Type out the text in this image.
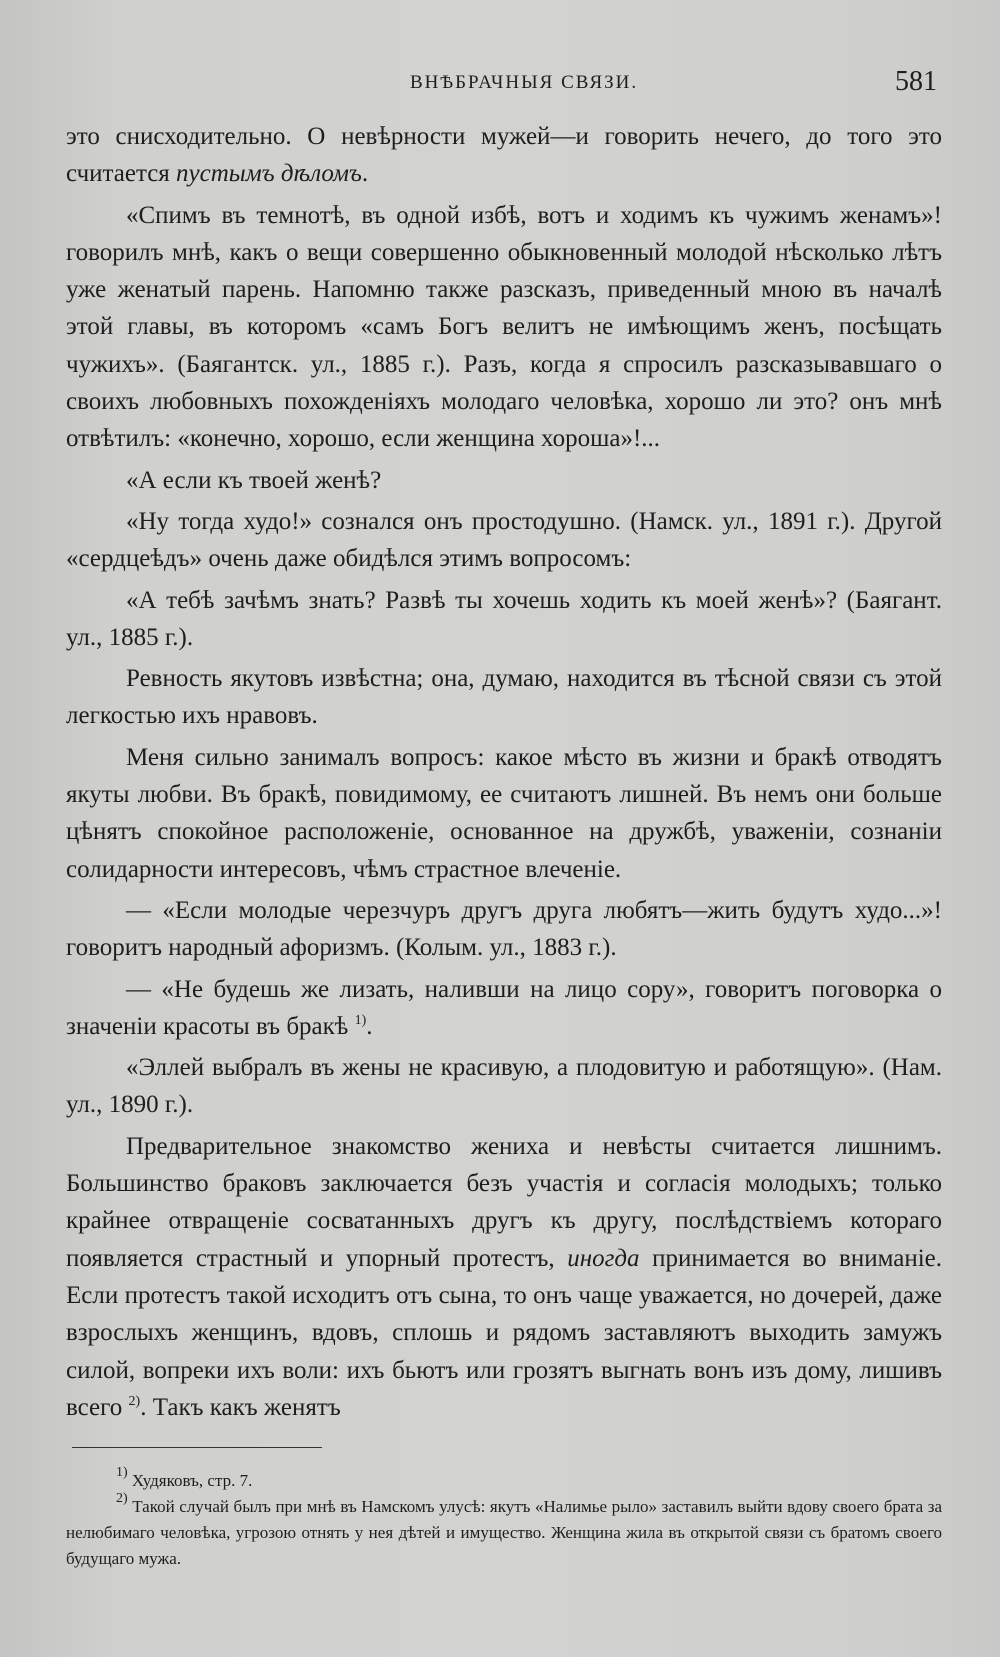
ВНѢБРАЧНЫЯ СВЯЗИ.	581

это снисходительно. О невѣрности мужей—и говорить нечего, до того это считается пустымъ дѣломъ.

«Спимъ въ темнотѣ, въ одной избѣ, вотъ и ходимъ къ чужимъ женамъ»! говорилъ мнѣ, какъ о вещи совершенно обыкновенный молодой нѣсколько лѣтъ уже женатый парень. Напомню также разсказъ, приведенный мною въ началѣ этой главы, въ которомъ «самъ Богъ велитъ не имѣющимъ женъ, посѣщать чужихъ». (Баягантск. ул., 1885 г.). Разъ, когда я спросилъ разсказывавшаго о своихъ любовныхъ похожденiяхъ молодаго человѣка, хорошо ли это? онъ мнѣ отвѣтилъ: «конечно, хорошо, если женщина хороша»!...

«А если къ твоей женѣ?

«Ну тогда худо!» сознался онъ простодушно. (Намск. ул., 1891 г.). Другой «сердцеѣдъ» очень даже обидѣлся этимъ вопросомъ:

«А тебѣ зачѣмъ знать? Развѣ ты хочешь ходить къ моей женѣ»? (Баягант. ул., 1885 г.).

Ревность якутовъ извѣстна; она, думаю, находится въ тѣсной связи съ этой легкостью ихъ нравовъ.

Меня сильно занималъ вопросъ: какое мѣсто въ жизни и бракѣ отводятъ якуты любви. Въ бракѣ, повидимому, ее считаютъ лишней. Въ немъ они больше цѣнятъ спокойное расположенiе, основанное на дружбѣ, уваженiи, сознанiи солидарности интересовъ, чѣмъ страстное влеченiе.

— «Если молодые черезчуръ другъ друга любятъ—жить будутъ худо...»! говоритъ народный афоризмъ. (Колым. ул., 1883 г.).

— «Не будешь же лизать, наливши на лицо сору», говоритъ поговорка о значенiи красоты въ бракѣ $^{1)}$.

«Эллей выбралъ въ жены не красивую, а плодовитую и работящую». (Нам. ул., 1890 г.).

Предварительное знакомство жениха и невѣсты считается лишнимъ. Большинство браковъ заключается безъ участiя и согласiя молодыхъ; только крайнее отвращенiе сосватанныхъ другъ къ другу, послѣдствiемъ котораго появляется страстный и упорный протестъ, иногда принимается во вниманiе. Если протестъ такой исходитъ отъ сына, то онъ чаще уважается, но дочерей, даже взрослыхъ женщинъ, вдовъ, сплошь и рядомъ заставляютъ выходить замужъ силой, вопреки ихъ воли: ихъ бьютъ или грозятъ выгнать вонъ изъ дому, лишивъ всего $^{2)}$. Такъ какъ женятъ

$^{1)}$ Худяковъ, стр. 7.

$^{2)}$ Такой случай былъ при мнѣ въ Намскомъ улусѣ: якутъ «Налимье рыло» заставилъ выйти вдову своего брата за нелюбимаго человѣка, угрозою отнять у нея дѣтей и имущество. Женщина жила въ открытой связи съ братомъ своего будущаго мужа.
